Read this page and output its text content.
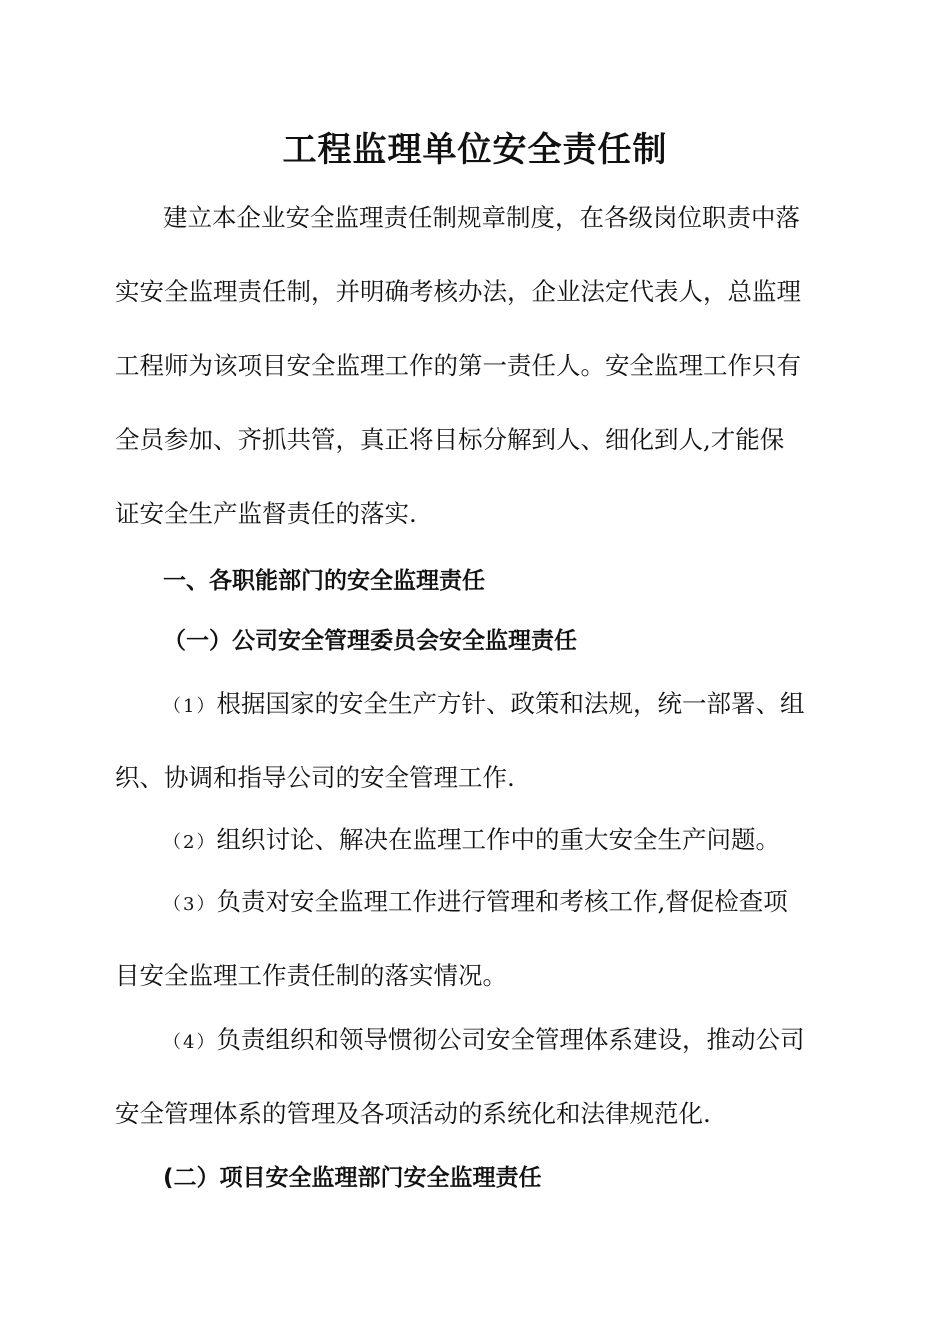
工程监理单位安全责任制

建立本企业安全监理责任制规章制度，在各级岗位职责中落

实安全监理责任制，并明确考核办法，企业法定代表人，总监理

工程师为该项目安全监理工作的第一责任人。安全监理工作只有

全员参加、齐抓共管，真正将目标分解到人、细化到人,才能保

证安全生产监督责任的落实.

一、各职能部门的安全监理责任
（一）公司安全管理委员会安全监理责任

（1）根据国家的安全生产方针、政策和法规，统一部署、组

织、协调和指导公司的安全管理工作.

（2）组织讨论、解决在监理工作中的重大安全生产问题。

（3）负责对安全监理工作进行管理和考核工作,督促检查项

目安全监理工作责任制的落实情况。

（4）负责组织和领导惯彻公司安全管理体系建设，推动公司

安全管理体系的管理及各项活动的系统化和法律规范化.

(二）项目安全监理部门安全监理责任
